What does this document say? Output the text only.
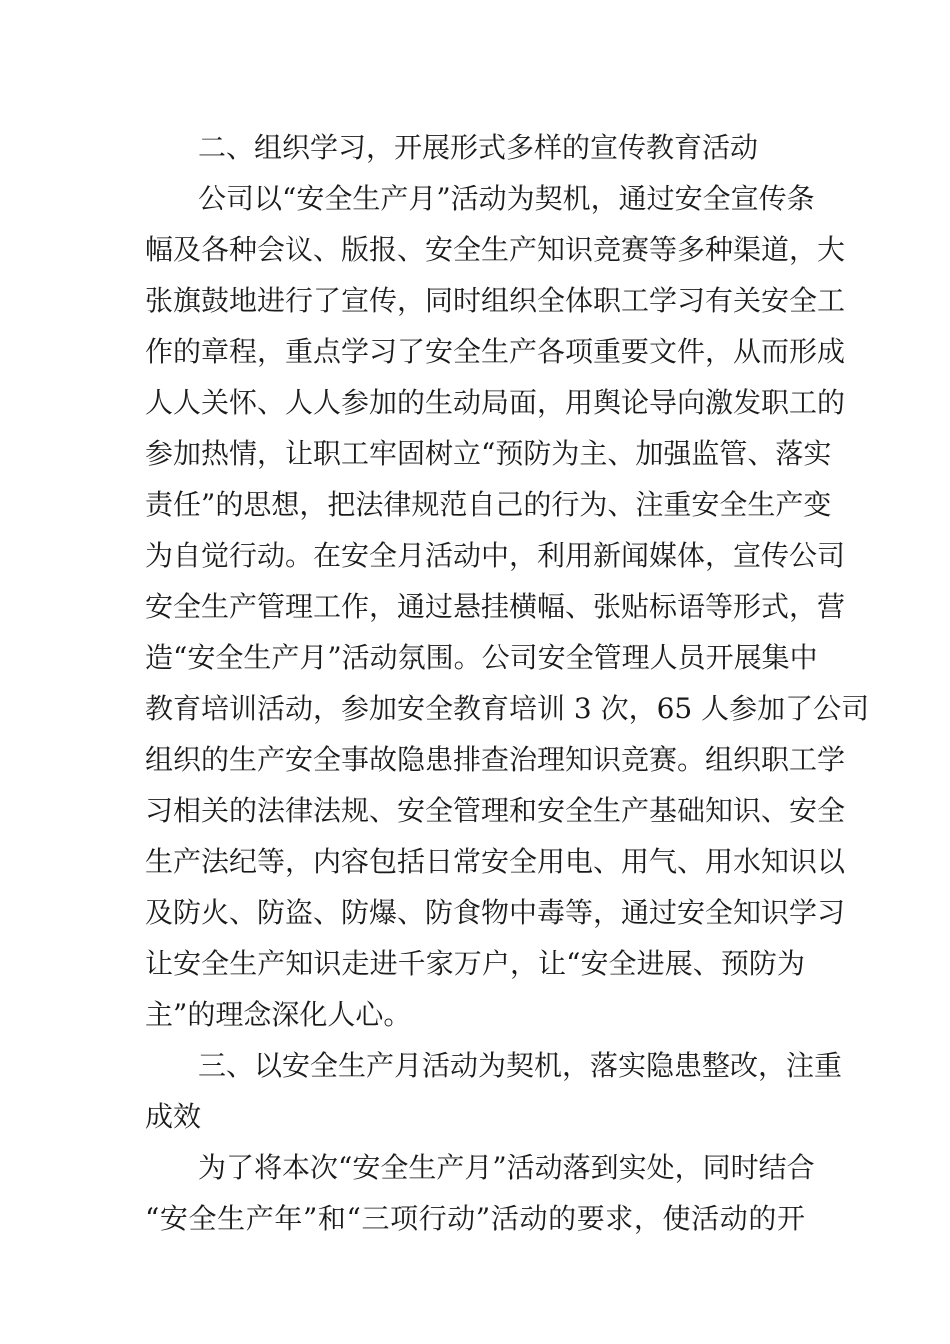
二、组织学习，开展形式多样的宣传教育活动
公司以“安全生产月”活动为契机，通过安全宣传条
幅及各种会议、版报、安全生产知识竞赛等多种渠道，大
张旗鼓地进行了宣传，同时组织全体职工学习有关安全工
作的章程，重点学习了安全生产各项重要文件，从而形成
人人关怀、人人参加的生动局面，用舆论导向激发职工的
参加热情，让职工牢固树立“预防为主、加强监管、落实
责任”的思想，把法律规范自己的行为、注重安全生产变
为自觉行动。在安全月活动中，利用新闻媒体，宣传公司
安全生产管理工作，通过悬挂横幅、张贴标语等形式，营
造“安全生产月”活动氛围。公司安全管理人员开展集中
教育培训活动，参加安全教育培训 3 次，65 人参加了公司
组织的生产安全事故隐患排查治理知识竞赛。组织职工学
习相关的法律法规、安全管理和安全生产基础知识、安全
生产法纪等，内容包括日常安全用电、用气、用水知识以
及防火、防盗、防爆、防食物中毒等，通过安全知识学习
让安全生产知识走进千家万户，让“安全进展、预防为
主”的理念深化人心。
三、以安全生产月活动为契机，落实隐患整改，注重
成效
为了将本次“安全生产月”活动落到实处，同时结合
“安全生产年”和“三项行动”活动的要求，使活动的开
